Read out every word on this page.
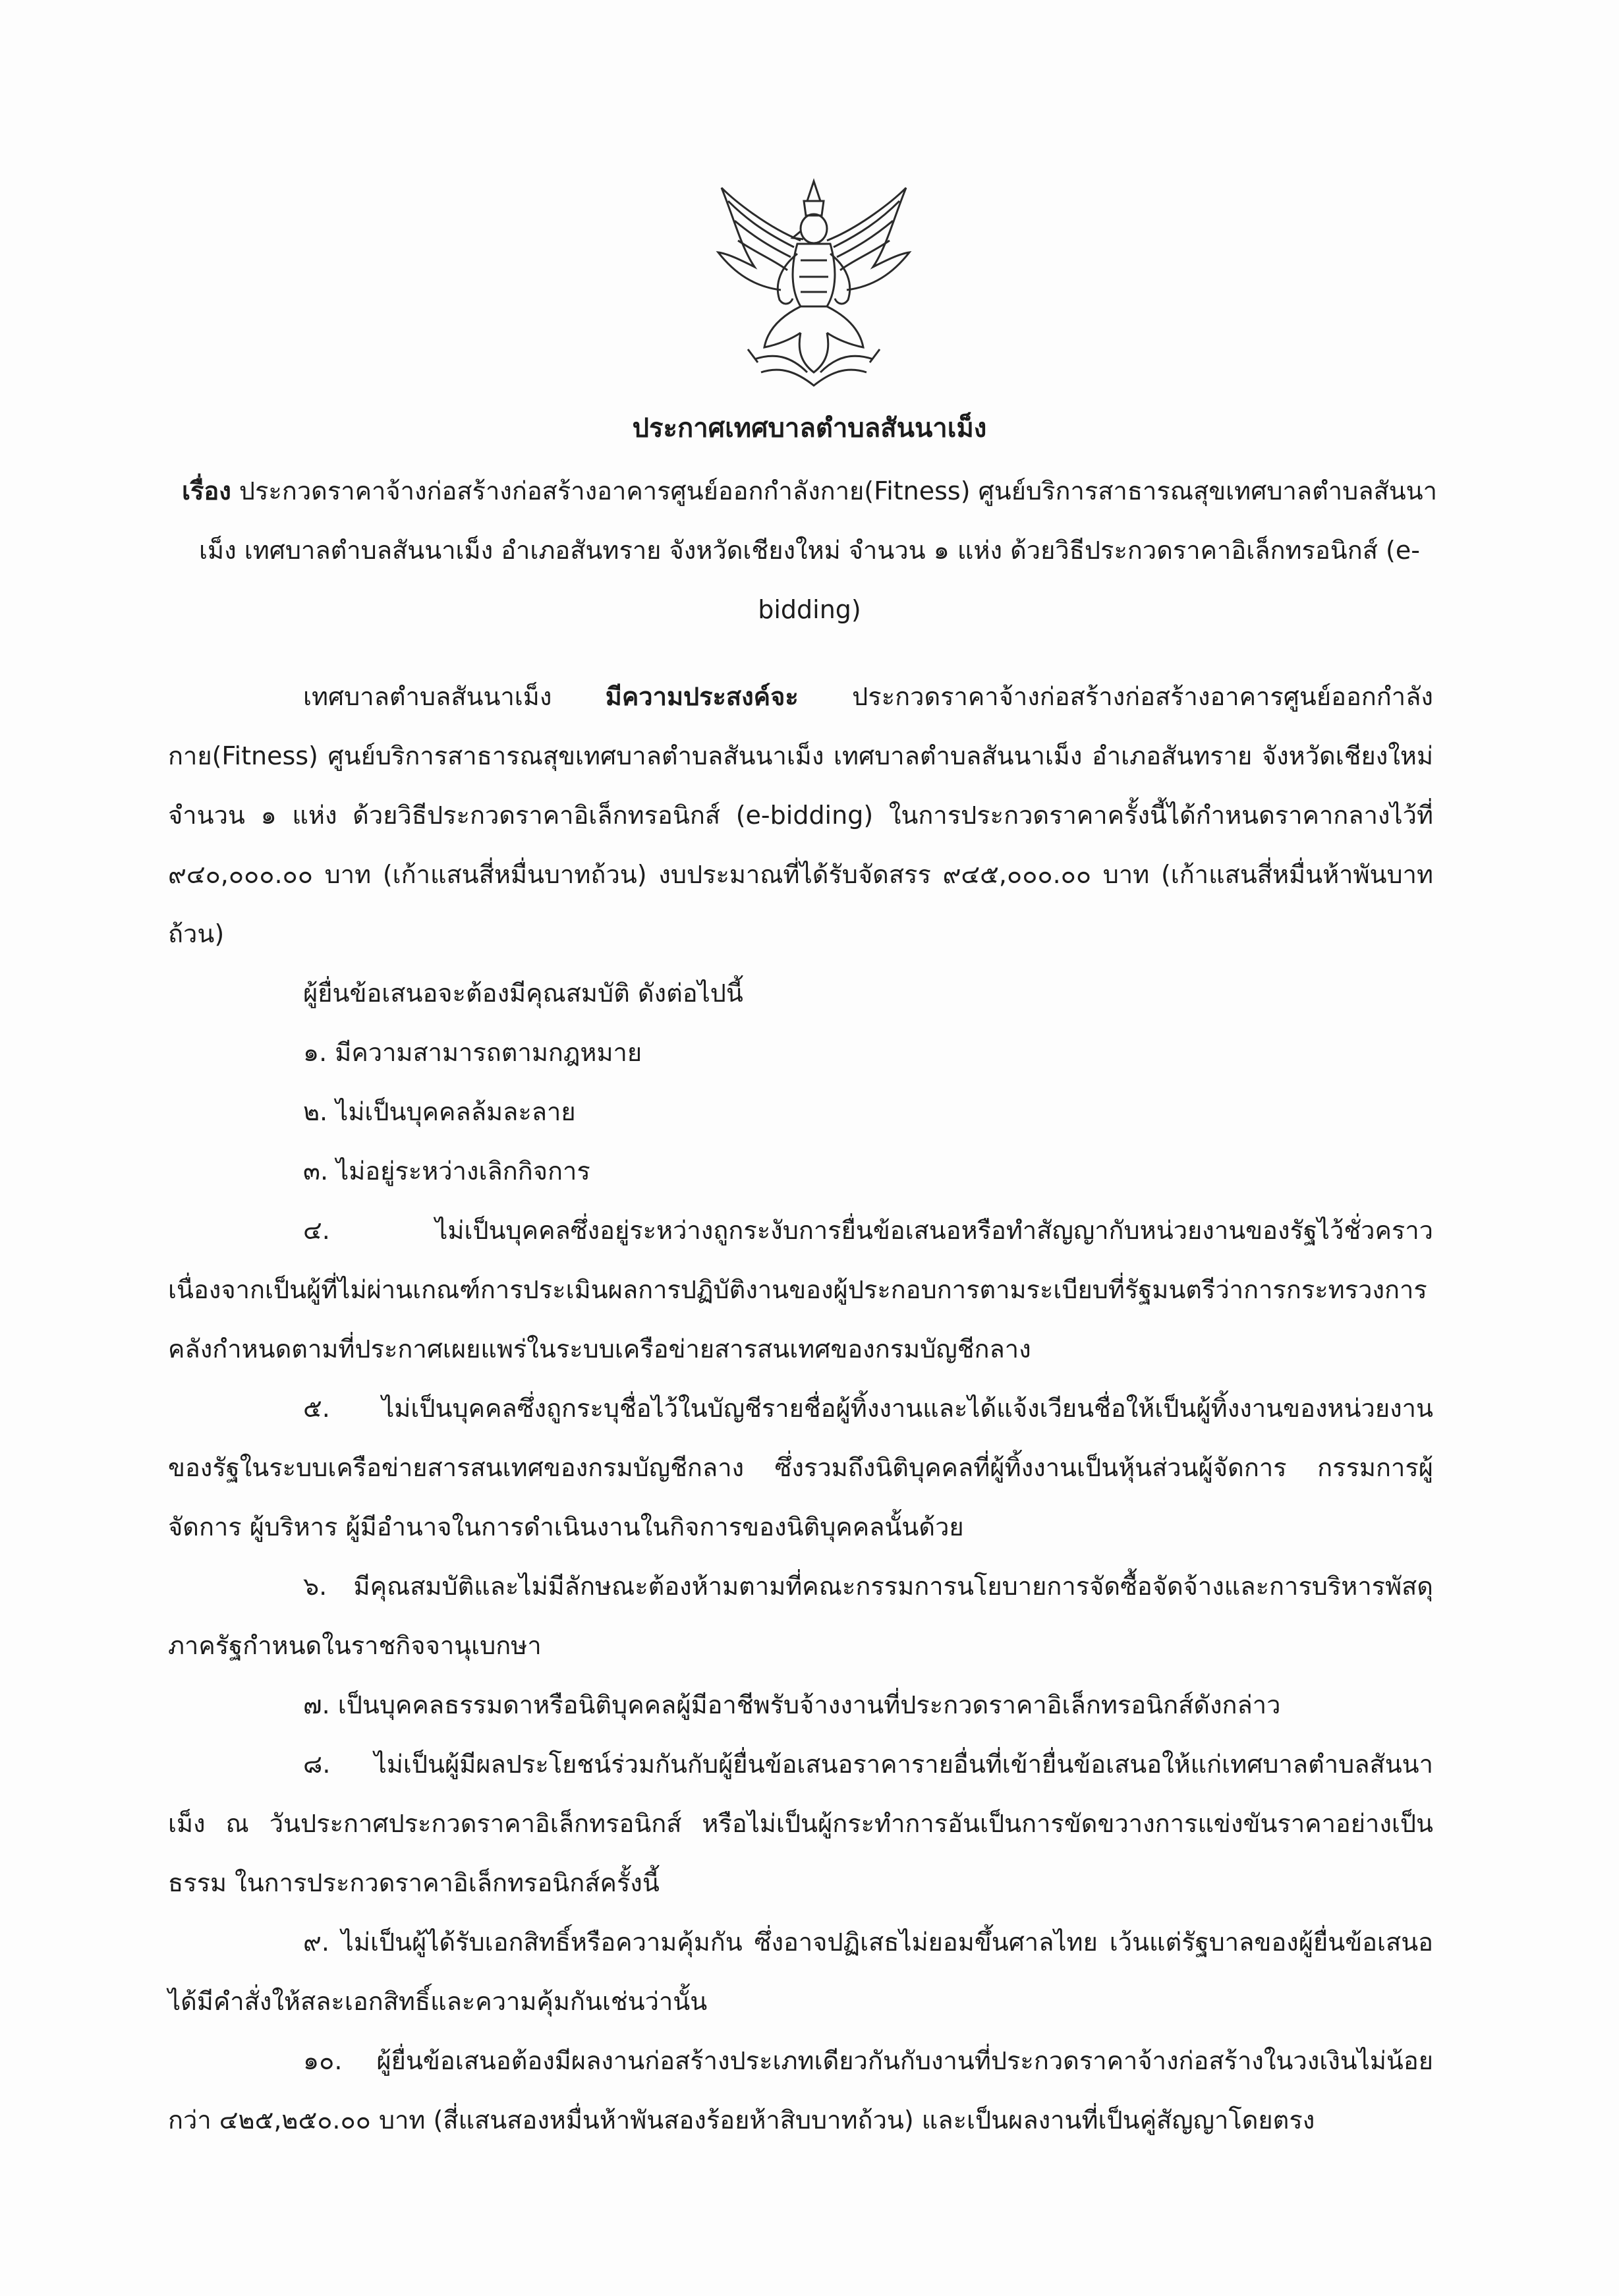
ประกาศเทศบาลตำบลสันนาเม็ง
เรื่อง ประกวดราคาจ้างก่อสร้างก่อสร้างอาคารศูนย์ออกกำลังกาย(Fitness) ศูนย์บริการสาธารณสุขเทศบาลตำบลสันนาเม็ง เทศบาลตำบลสันนาเม็ง อำเภอสันทราย จังหวัดเชียงใหม่ จำนวน ๑ แห่ง ด้วยวิธีประกวดราคาอิเล็กทรอนิกส์ (e-bidding)

เทศบาลตำบลสันนาเม็ง มีความประสงค์จะ ประกวดราคาจ้างก่อสร้างก่อสร้างอาคารศูนย์ออกกำลังกาย(Fitness) ศูนย์บริการสาธารณสุขเทศบาลตำบลสันนาเม็ง เทศบาลตำบลสันนาเม็ง อำเภอสันทราย จังหวัดเชียงใหม่ จำนวน ๑ แห่ง ด้วยวิธีประกวดราคาอิเล็กทรอนิกส์ (e-bidding) ในการประกวดราคาครั้งนี้ได้กำหนดราคากลางไว้ที่ ๙๔๐,๐๐๐.๐๐ บาท (เก้าแสนสี่หมื่นบาทถ้วน) งบประมาณที่ได้รับจัดสรร ๙๔๕,๐๐๐.๐๐ บาท (เก้าแสนสี่หมื่นห้าพันบาทถ้วน)

ผู้ยื่นข้อเสนอจะต้องมีคุณสมบัติ ดังต่อไปนี้

๑. มีความสามารถตามกฎหมาย

๒. ไม่เป็นบุคคลล้มละลาย

๓. ไม่อยู่ระหว่างเลิกกิจการ

๔. ไม่เป็นบุคคลซึ่งอยู่ระหว่างถูกระงับการยื่นข้อเสนอหรือทำสัญญากับหน่วยงานของรัฐไว้ชั่วคราว เนื่องจากเป็นผู้ที่ไม่ผ่านเกณฑ์การประเมินผลการปฏิบัติงานของผู้ประกอบการตามระเบียบที่รัฐมนตรีว่าการกระทรวงการคลังกำหนดตามที่ประกาศเผยแพร่ในระบบเครือข่ายสารสนเทศของกรมบัญชีกลาง

๕. ไม่เป็นบุคคลซึ่งถูกระบุชื่อไว้ในบัญชีรายชื่อผู้ทิ้งงานและได้แจ้งเวียนชื่อให้เป็นผู้ทิ้งงานของหน่วยงานของรัฐในระบบเครือข่ายสารสนเทศของกรมบัญชีกลาง ซึ่งรวมถึงนิติบุคคลที่ผู้ทิ้งงานเป็นหุ้นส่วนผู้จัดการ กรรมการผู้จัดการ ผู้บริหาร ผู้มีอำนาจในการดำเนินงานในกิจการของนิติบุคคลนั้นด้วย

๖. มีคุณสมบัติและไม่มีลักษณะต้องห้ามตามที่คณะกรรมการนโยบายการจัดซื้อจัดจ้างและการบริหารพัสดุภาครัฐกำหนดในราชกิจจานุเบกษา

๗. เป็นบุคคลธรรมดาหรือนิติบุคคลผู้มีอาชีพรับจ้างงานที่ประกวดราคาอิเล็กทรอนิกส์ดังกล่าว

๘. ไม่เป็นผู้มีผลประโยชน์ร่วมกันกับผู้ยื่นข้อเสนอราคารายอื่นที่เข้ายื่นข้อเสนอให้แก่เทศบาลตำบลสันนาเม็ง ณ วันประกาศประกวดราคาอิเล็กทรอนิกส์ หรือไม่เป็นผู้กระทำการอันเป็นการขัดขวางการแข่งขันราคาอย่างเป็นธรรม ในการประกวดราคาอิเล็กทรอนิกส์ครั้งนี้

๙. ไม่เป็นผู้ได้รับเอกสิทธิ์หรือความคุ้มกัน ซึ่งอาจปฏิเสธไม่ยอมขึ้นศาลไทย เว้นแต่รัฐบาลของผู้ยื่นข้อเสนอได้มีคำสั่งให้สละเอกสิทธิ์และความคุ้มกันเช่นว่านั้น

๑๐. ผู้ยื่นข้อเสนอต้องมีผลงานก่อสร้างประเภทเดียวกันกับงานที่ประกวดราคาจ้างก่อสร้างในวงเงินไม่น้อยกว่า ๔๒๕,๒๕๐.๐๐ บาท (สี่แสนสองหมื่นห้าพันสองร้อยห้าสิบบาทถ้วน) และเป็นผลงานที่เป็นคู่สัญญาโดยตรง
